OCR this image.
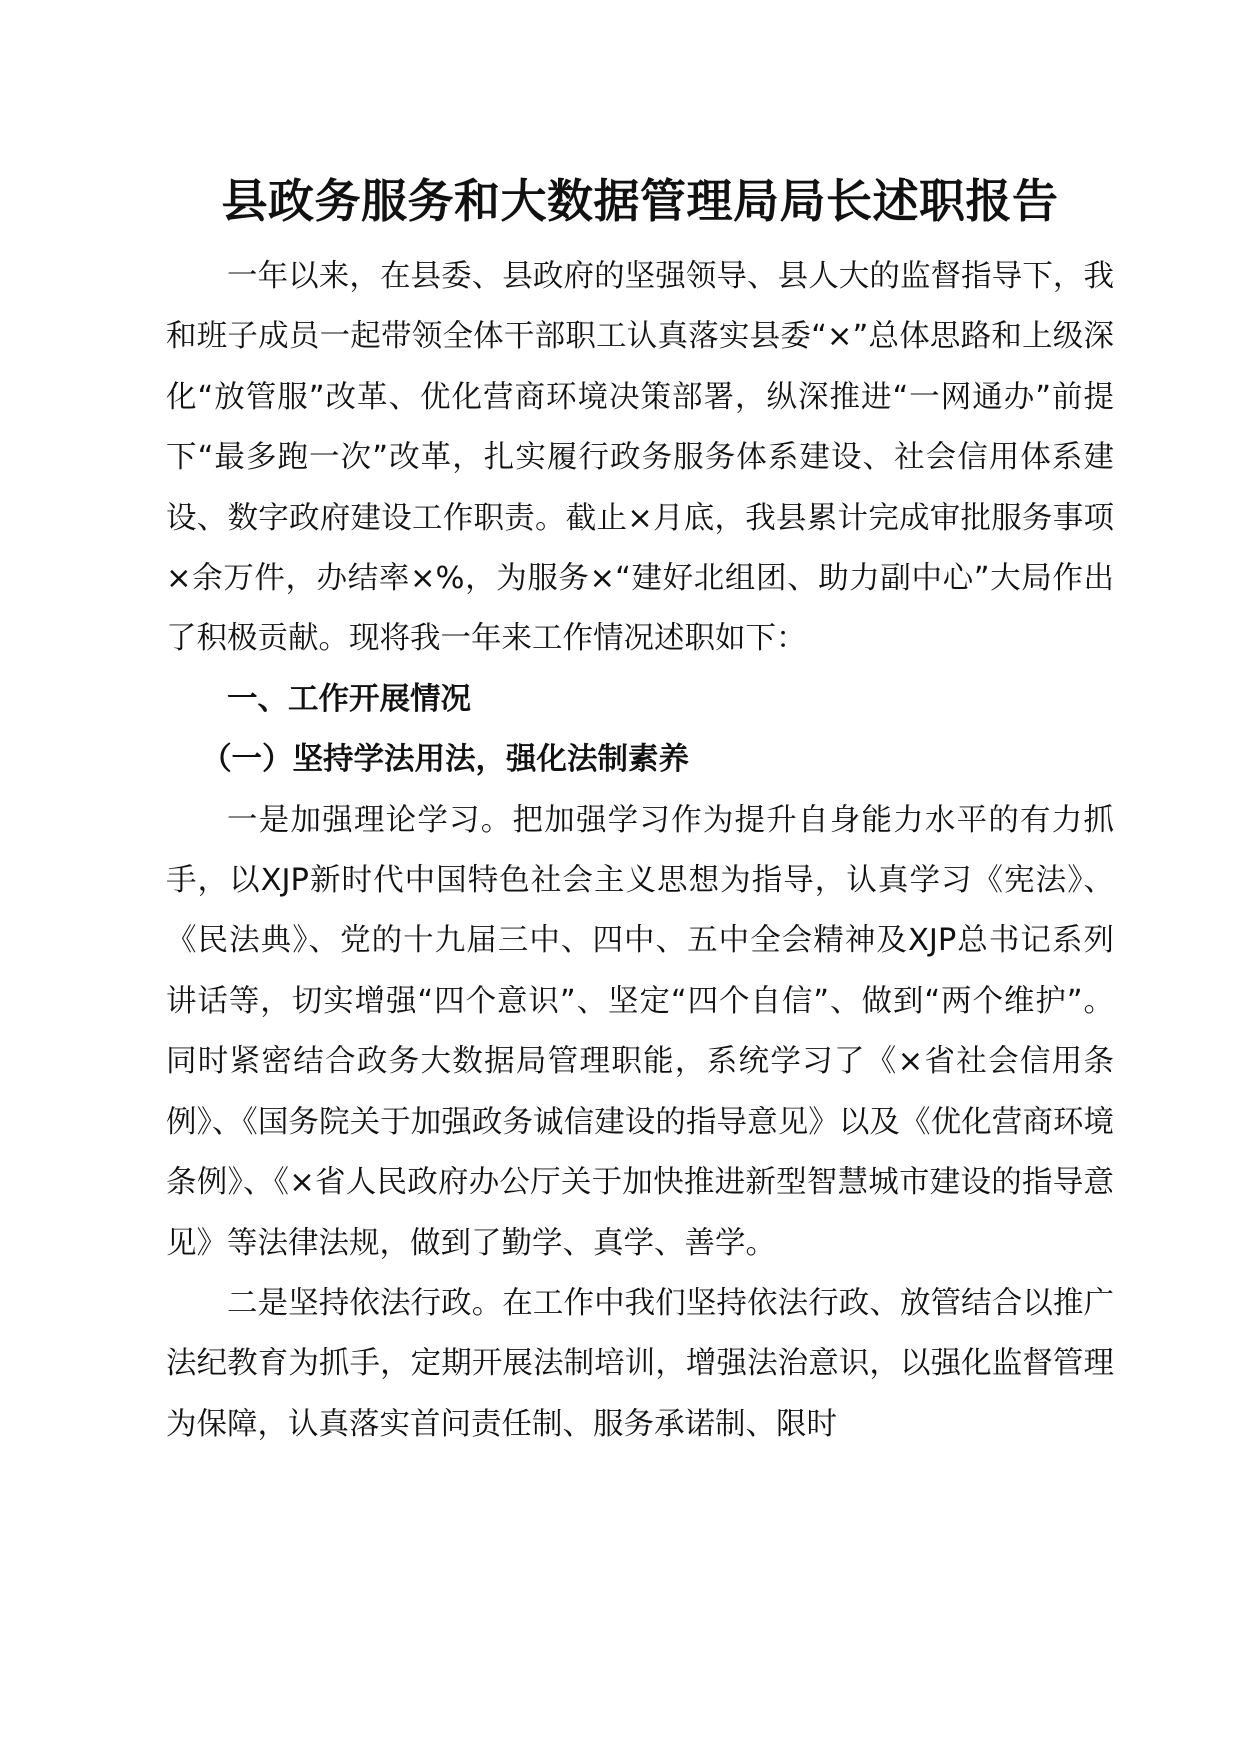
县政务服务和大数据管理局局长述职报告

一年以来，在县委、县政府的坚强领导、县人大的监督指导下，我和班子成员一起带领全体干部职工认真落实县委“×”总体思路和上级深化“放管服”改革、优化营商环境决策部署，纵深推进“一网通办”前提下“最多跑一次”改革，扎实履行政务服务体系建设、社会信用体系建设、数字政府建设工作职责。截止×月底，我县累计完成审批服务事项×余万件，办结率×%，为服务×“建好北组团、助力副中心”大局作出了积极贡献。现将我一年来工作情况述职如下：

一、工作开展情况

（一）坚持学法用法，强化法制素养

一是加强理论学习。把加强学习作为提升自身能力水平的有力抓手，以XJP新时代中国特色社会主义思想为指导，认真学习《宪法》、《民法典》、党的十九届三中、四中、五中全会精神及XJP总书记系列讲话等，切实增强“四个意识”、坚定“四个自信”、做到“两个维护”。同时紧密结合政务大数据局管理职能，系统学习了《×省社会信用条例》、《国务院关于加强政务诚信建设的指导意见》以及《优化营商环境条例》、《×省人民政府办公厅关于加快推进新型智慧城市建设的指导意见》等法律法规，做到了勤学、真学、善学。

二是坚持依法行政。在工作中我们坚持依法行政、放管结合以推广法纪教育为抓手，定期开展法制培训，增强法治意识，以强化监督管理为保障，认真落实首问责任制、服务承诺制、限时
